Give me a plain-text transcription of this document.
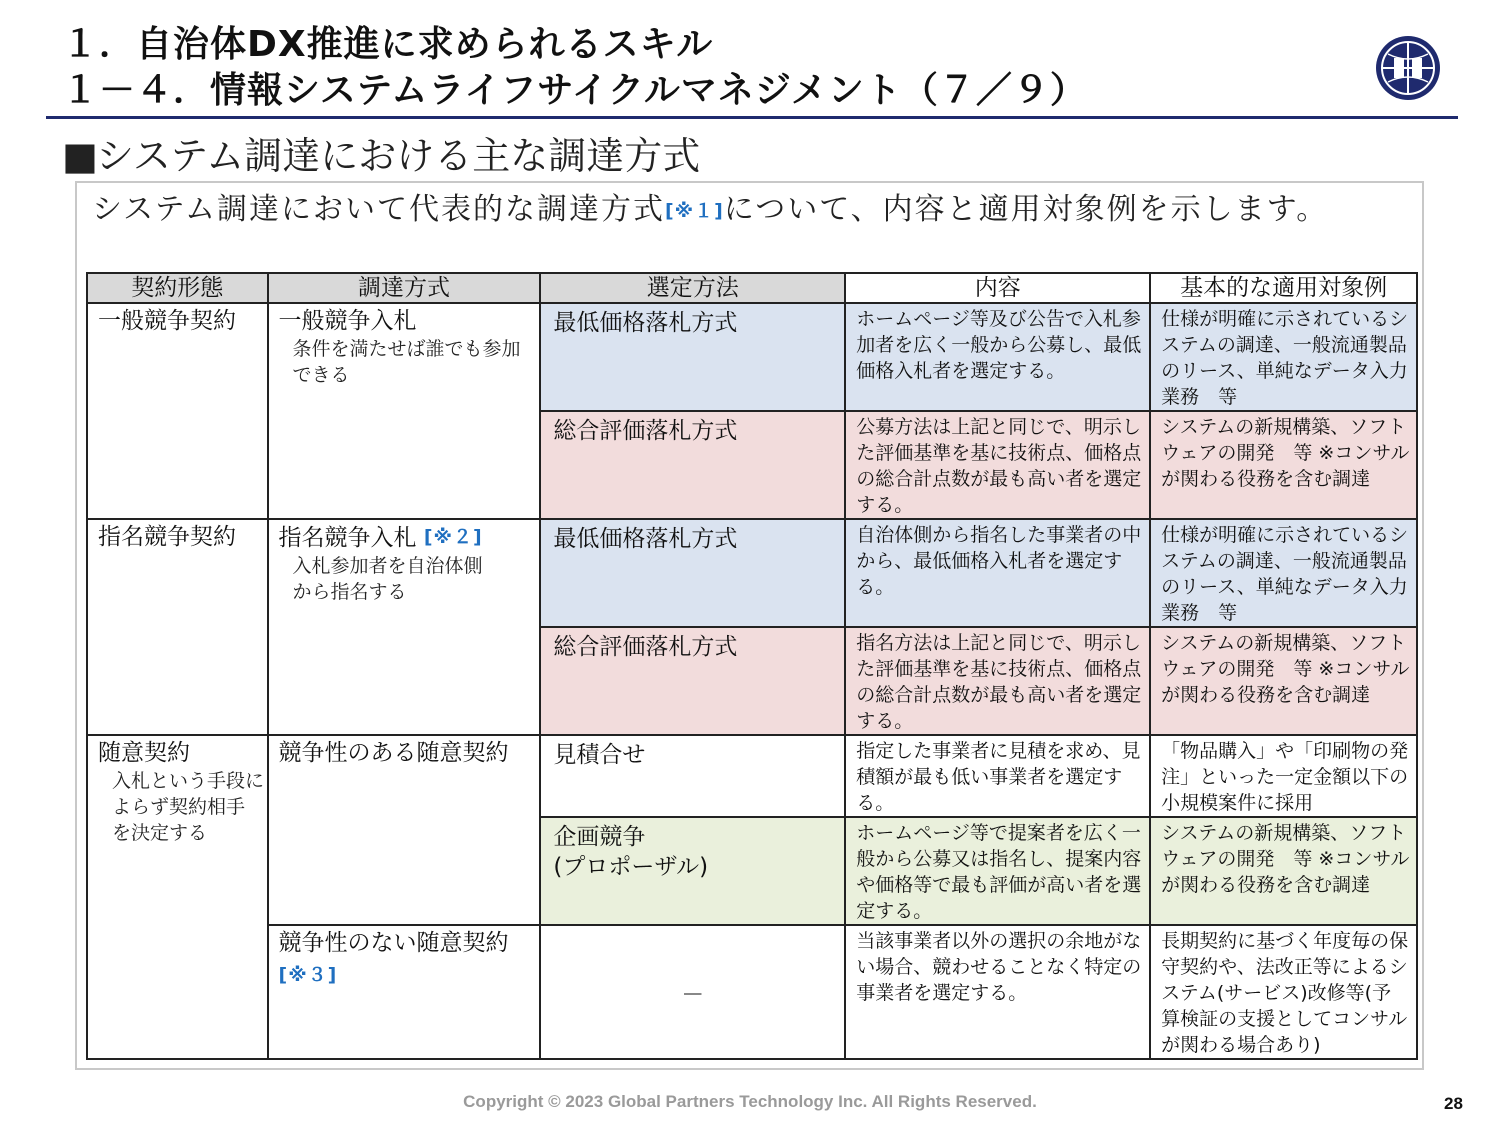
１．自治体DX推進に求められるスキル
１－４．情報システムライフサイクルマネジメント（７／９）
■システム調達における主な調達方式
システム調達において代表的な調達方式[※１]について、内容と適用対象例を示します。
契約形態	調達方式	選定方法	内容	基本的な適用対象例

一般競争契約	一般競争入札
条件を満たせば誰でも参加
できる	最低価格落札方式	ホームページ等及び公告で入札参加者を広く一般から公募し、最低価格入札者を選定する。	仕様が明確に示されているシステムの調達、一般流通製品のリース、単純なデータ入力業務　等

		総合評価落札方式	公募方法は上記と同じで、明示した評価基準を基に技術点、価格点の総合計点数が最も高い者を選定する。	システムの新規構築、ソフトウェアの開発　等 ※コンサルが関わる役務を含む調達

指名競争契約	指名競争入札 [※２]
入札参加者を自治体側
から指名する	最低価格落札方式	自治体側から指名した事業者の中から、最低価格入札者を選定する。	仕様が明確に示されているシステムの調達、一般流通製品のリース、単純なデータ入力業務　等

		総合評価落札方式	指名方法は上記と同じで、明示した評価基準を基に技術点、価格点の総合計点数が最も高い者を選定する。	システムの新規構築、ソフトウェアの開発　等 ※コンサルが関わる役務を含む調達

随意契約
入札という手段に
よらず契約相手
を決定する	競争性のある随意契約	見積合せ	指定した事業者に見積を求め、見積額が最も低い事業者を選定する。	「物品購入」や「印刷物の発注」といった一定金額以下の小規模案件に採用

		企画競争
(プロポーザル)	ホームページ等で提案者を広く一般から公募又は指名し、提案内容や価格等で最も評価が高い者を選定する。	システムの新規構築、ソフトウェアの開発　等 ※コンサルが関わる役務を含む調達

	競争性のない随意契約
[※３]	－	当該事業者以外の選択の余地がない場合、競わせることなく特定の事業者を選定する。	長期契約に基づく年度毎の保守契約や、法改正等によるシステム(サービス)改修等(予算検証の支援としてコンサルが関わる場合あり)
Copyright © 2023 Global Partners Technology Inc. All Rights Reserved.	28
